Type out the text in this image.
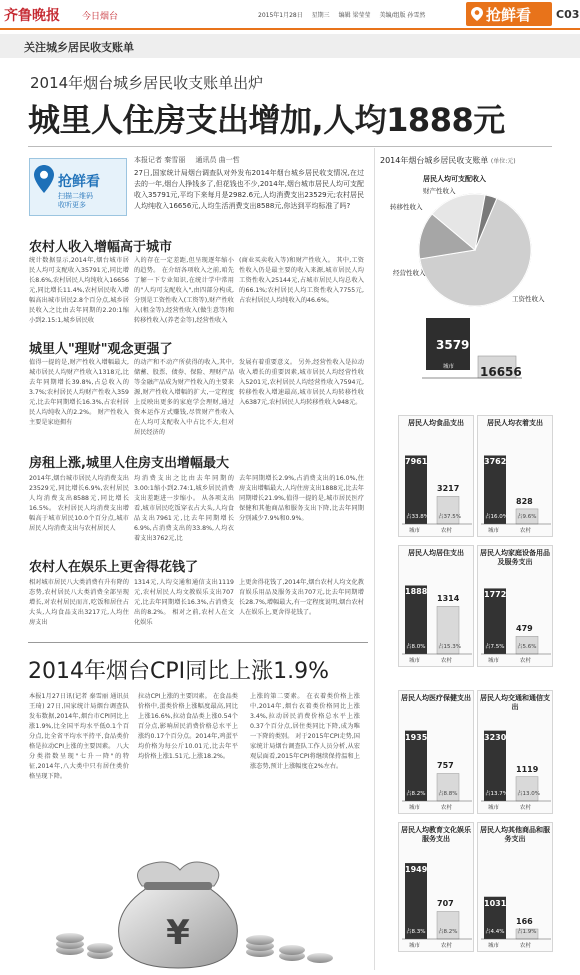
齐鲁晚报 今日烟台	2015年1月28日 星期三 编辑 梁莹莹 美编/组版 孙雪然	抢鲜看 C03
关注城乡居民收支账单
2014年烟台城乡居民收支账单出炉
城里人住房支出增加,人均1888元
抢鲜看
扫描二维码
收听更多
本报记者 秦雪丽 通讯员 曲一哲
27日,国家统计局烟台调查队对外发布2014年烟台城乡居民收支情况,在过去的一年,烟台人挣钱多了,但花钱也不少,2014年,烟台城市居民人均可支配收入35791元,平均下来每月是2982.6元,人均消费支出23529元;农村居民人均纯收入16656元,人均生活消费支出8588元,你达到平均标准了吗?
农村人收入增幅高于城市
统计数据显示,2014年,烟台城市居民人均可支配收入35791元,同比增长8.6%,农村居民人均纯收入16656元,同比增长11.4%,农村居民收入增幅高出城市居民2.8个百分点,城乡居民收入之比由去年同期的2.20:1缩小到2.15:1,城乡居民收
入的存在一定差距,但呈现逐年缩小的趋势。 在介绍各项收入之前,咱先了解一下专业知识,在统计学中常用的"人均可支配收入",由四部分构成,分别是工资性收入(工资等),财产性收入(租金等),经营性收入(做生意等)和转移性收入(养老金等),经营性收入
(商业买卖收入等)和财产性收入。 其中,工资性收入仍是最主要的收入来源,城市居民人均工资性收入25144元,占城市居民人均总收入的66.1%;农村居民人均工资性收入7755元,占农村居民人均纯收入的46.6%。
城里人"理财"观念更强了
值得一提的是,财产性收入增幅最大,城市居民人均财产性收入1318元,比去年同期增长39.8%,占总收入的3.7%;农村居民人均财产性收入359元,比去年同期增长16.3%,占农村居民人均纯收入的2.2%。 财产性收入主要是家庭拥有
的动产和不动产所获得的收入,其中,储蓄、股票、债券、保险、理财产品等金融产品成为财产性收入的主要来源,财产性收入增幅的扩大,一定程度上反映出更多的家庭学会理财,通过资本运作方式赚钱,尽管财产性收入在人均可支配收入中占比不大,但对居民经济的
发展有着重要意义。 另外,经营性收入是拉动收入增长的重要因素,城市居民人均经营性收入5201元,农村居民人均经营性收入7594元,转移性收入增速最高,城市居民人均转移性收入6387元,农村居民人均转移性收入948元。
房租上涨,城里人住房支出增幅最大
2014年,烟台城市居民人均消费支出23529元,同比增长6.9%,农村居民人均消费支出8588元,同比增长16.5%。 农村居民人均消费支出增幅高于城市居民10.0个百分点,城市居民人均消费支出与农村居民人
均消费支出之比由去年同期的3.00:1缩小到2.74:1,城乡居民消费支出差距进一步缩小。 从各项支出看,城市居民吃饭穿衣占大头,人均食品支出7961元,比去年同期增长6.9%,占消费支出的33.8%,人均衣着支出3762元,比
去年同期增长2.9%,占消费支出的16.0%,住房支出增幅最大,人均住房支出1888元,比去年同期增长21.9%,值得一提的是,城市居民医疗保健和其他商品和服务支出下降,比去年同期分别减少7.9%和0.9%。
农村人在娱乐上更舍得花钱了
相对城市居民八大类消费有升有降的态势,农村居民八大类消费全部呈现增长,对农村居民而言,吃饭和居住占大头,人均食品支出3217元,人均住房支出
1314元,人均交通和通信支出1119元,农村居民人均文教娱乐支出707元,比去年同期增长16.3%,占消费支出的8.2%。 相对之前,农村人在文化娱乐
上更舍得花钱了,2014年,烟台农村人均文化教育娱乐用品及服务支出707元,比去年同期增长28.7%,增幅最大,有一定程度说明,烟台农村人在娱乐上,更舍得花钱了。
2014年烟台CPI同比上涨1.9%
本报1月27日讯(记者 秦雪丽 通讯员 王琦) 27日,国家统计局烟台调查队发布数据,2014年,烟台市CPI同比上涨1.9%,比全国平均水平低0.1个百分点,比全省平均水平持平,食品类价格是拉动CPI上涨的主要因素。 八大分类指数呈现"七升一降"的特征,2014年,八大类中只有居住类价格呈现下降。
拉动CPI上涨的主要因素。 在食品类价格中,蛋类价格上涨幅度最高,同比上涨16.6%,拉动食品类上涨0.54个百分点,影响居民消费价格总水平上涨约0.17个百分点。2014年,鸡蛋平均价格为每公斤10.01元,比去年平均价格上涨1.51元,上涨18.2%。
上涨的第二要素。 在衣着类价格上涨中,2014年,烟台衣着类价格同比上涨3.4%,拉动居民消费价格总水平上涨0.37个百分点,居住类同比下降,成为唯一下降的类别。 对于2015年CPI走势,国家统计局烟台调查队工作人员分析,从宏观层面看,2015年CPI将继续保持温和上涨态势,预计上涨幅度在2%左右。
¥
2014年烟台城乡居民收支账单 (单位:元)
居民人均可支配收入
工资性收入
经营性收入
转移性收入
财产性收入
35791
16656
城市
居民人均食品支出
7961
占33.8%
3217
占37.5%
城市	农村
居民人均衣着支出
3762
占16.0%
828
占9.6%
城市	农村
居民人均居住支出
1888
占8.0%
1314
占15.3%
城市	农村
居民人均家庭设备用品及服务支出
1772
占7.5%
479
占5.6%
城市	农村
居民人均医疗保健支出
1935
占8.2%
757
占8.8%
城市	农村
居民人均交通和通信支出
3230
占13.7%
1119
占13.0%
城市	农村
居民人均教育文化娱乐服务支出
1949
占8.3%
707
占8.2%
城市	农村
居民人均其他商品和服务支出
1031
占4.4%
166
占1.9%
城市	农村
